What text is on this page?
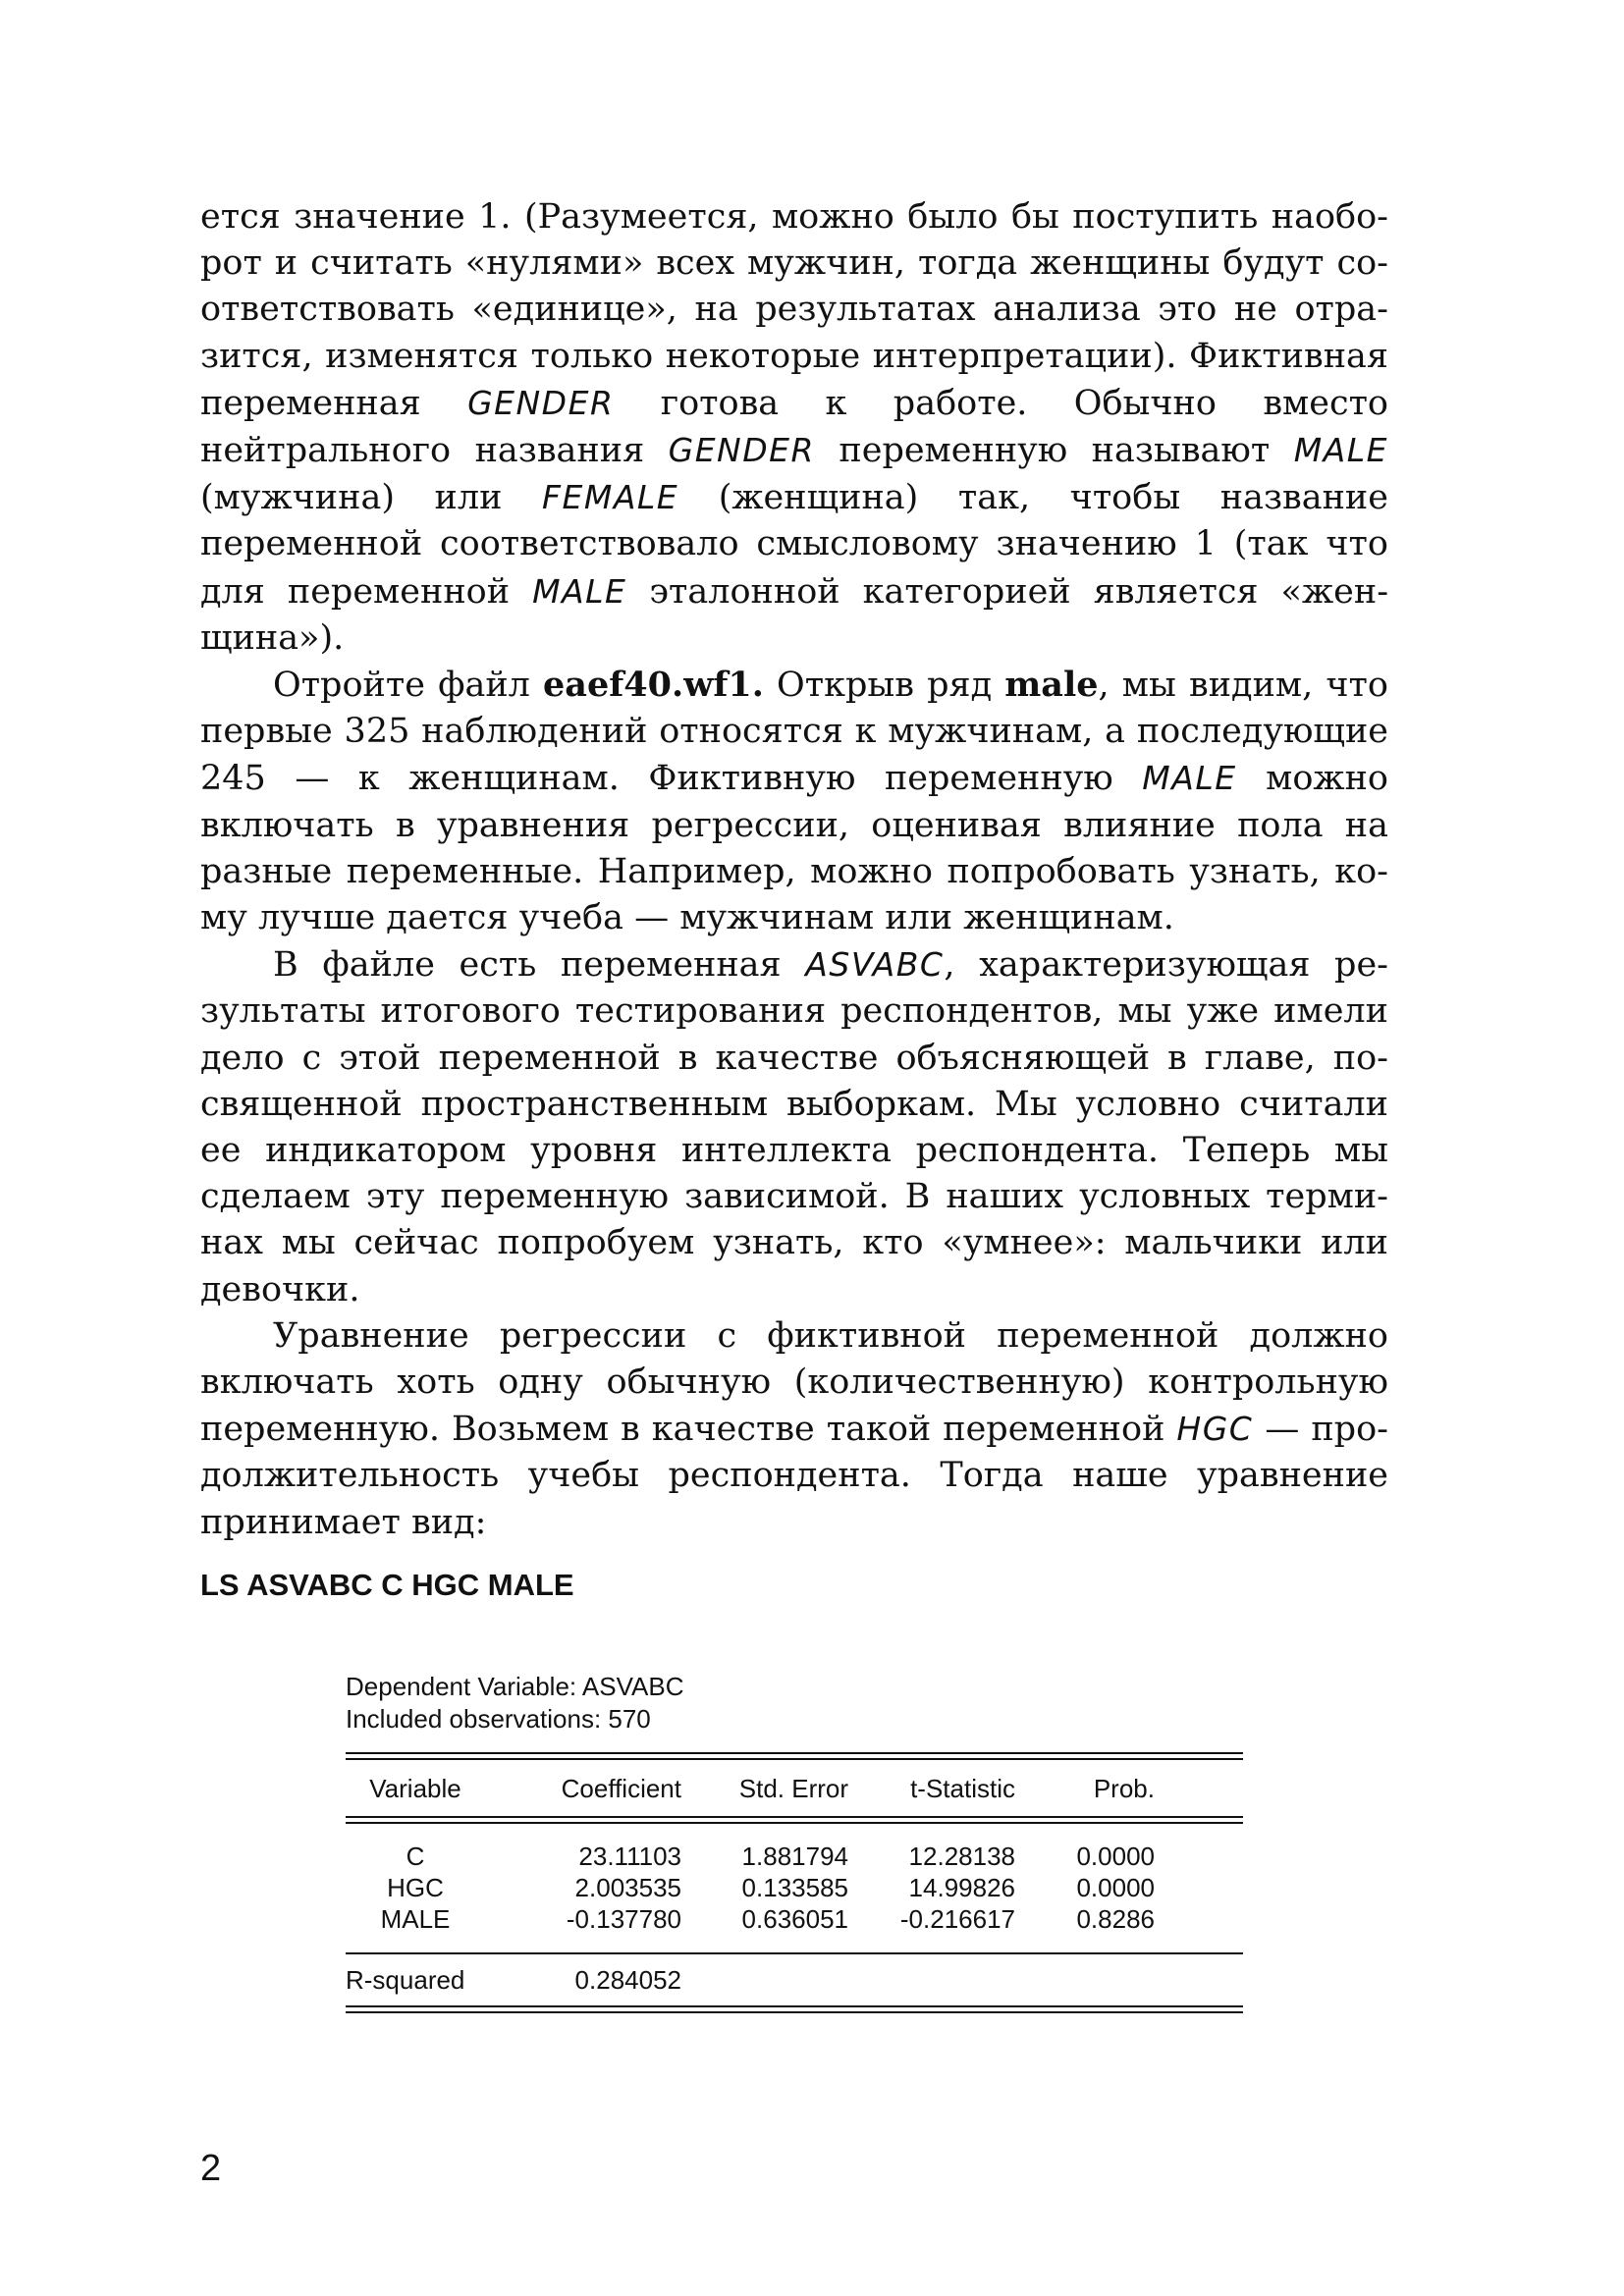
ется значение 1. (Разумеется, можно было бы поступить наоборот и считать «нулями» всех мужчин, тогда женщины будут соответствовать «единице», на результатах анализа это не отразится, изменятся только некоторые интерпретации). Фиктивная переменная GENDER готова к работе. Обычно вместо нейтрального названия GENDER переменную называют MALE (мужчина) или FEMALE (женщина) так, чтобы название переменной соответствовало смысловому значению 1 (так что для переменной MALE эталонной категорией является «женщина»).

Отройте файл eaef40.wf1. Открыв ряд male, мы видим, что первые 325 наблюдений относятся к мужчинам, а последующие 245 — к женщинам. Фиктивную переменную MALE можно включать в уравнения регрессии, оценивая влияние пола на разные переменные. Например, можно попробовать узнать, кому лучше дается учеба — мужчинам или женщинам.

В файле есть переменная ASVABC, характеризующая результаты итогового тестирования респондентов, мы уже имели дело с этой переменной в качестве объясняющей в главе, посвященной пространственным выборкам. Мы условно считали ее индикатором уровня интеллекта респондента. Теперь мы сделаем эту переменную зависимой. В наших условных терминах мы сейчас попробуем узнать, кто «умнее»: мальчики или девочки.

Уравнение регрессии с фиктивной переменной должно включать хоть одну обычную (количественную) контрольную переменную. Возьмем в качестве такой переменной HGC — продолжительность учебы респондента. Тогда наше уравнение принимает вид:

LS ASVABC C HGC MALE

Dependent Variable: ASVABC
Included observations: 570
Variable	Coefficient	Std. Error	t-Statistic	Prob.
C	23.11103	1.881794	12.28138	0.0000
HGC	2.003535	0.133585	14.99826	0.0000
MALE	-0.137780	0.636051	-0.216617	0.8286
R-squared	0.284052

2
